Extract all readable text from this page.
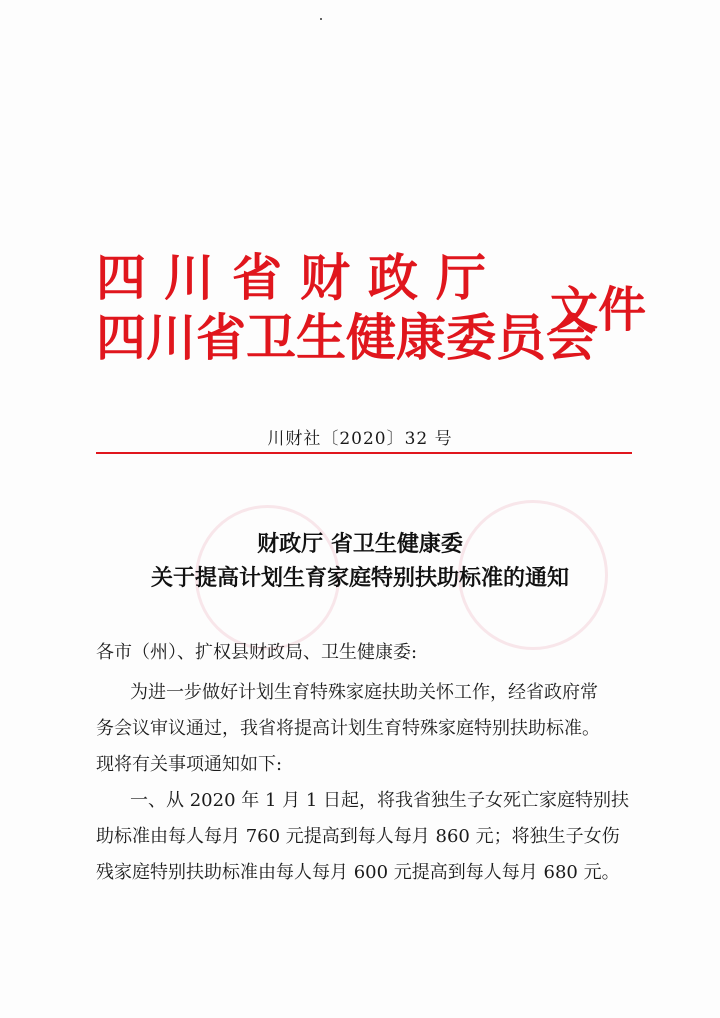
四川省财政厅
四川省卫生健康委员会
文件
川财社〔2020〕32 号
财政厅 省卫生健康委
关于提高计划生育家庭特别扶助标准的通知
各市（州）、扩权县财政局、卫生健康委:
为进一步做好计划生育特殊家庭扶助关怀工作，经省政府常
务会议审议通过，我省将提高计划生育特殊家庭特别扶助标准。
现将有关事项通知如下:
一、从 2020 年 1 月 1 日起，将我省独生子女死亡家庭特别扶
助标准由每人每月 760 元提高到每人每月 860 元；将独生子女伤
残家庭特别扶助标准由每人每月 600 元提高到每人每月 680 元。
